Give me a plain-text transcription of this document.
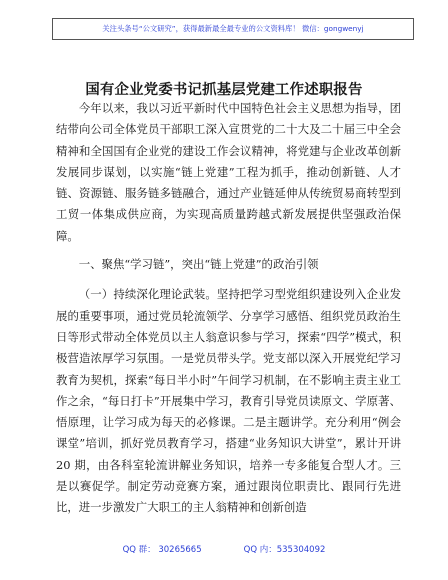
关注头条号“公文研究”，获得最新最全最专业的公文资料库！ 微信：gongwenyj
国有企业党委书记抓基层党建工作述职报告

今年以来，我以习近平新时代中国特色社会主义思想为指导，团结带向公司全体党员干部职工深入宣贯党的二十大及二十届三中全会精神和全国国有企业党的建设工作会议精神，将党建与企业改革创新发展同步谋划，以实施“链上党建”工程为抓手，推动创新链、人才链、资源链、服务链多链融合，通过产业链延伸从传统贸易商转型到工贸一体集成供应商，为实现高质量跨越式新发展提供坚强政治保障。

一、聚焦“学习链”，突出“链上党建”的政治引领

（一）持续深化理论武装。坚持把学习型党组织建设列入企业发展的重要事项，通过党员轮流领学、分享学习感悟、组织党员政治生日等形式带动全体党员以主人翁意识参与学习，探索“四学”模式，积极营造浓厚学习氛围。一是党员带头学。党支部以深入开展党纪学习教育为契机，探索“每日半小时”午间学习机制，在不影响主责主业工作之余，“每日打卡”开展集中学习，教育引导党员读原文、学原著、悟原理，让学习成为每天的必修课。二是主题讲学。充分利用“例会课堂”培训，抓好党员教育学习，搭建“业务知识大讲堂”，累计开讲 20 期，由各科室轮流讲解业务知识，培养一专多能复合型人才。三是以赛促学。制定劳动竞赛方案，通过跟岗位职责比、跟同行先进比，进一步激发广大职工的主人翁精神和创新创造

QQ 群： 30265665	QQ 内：535304092
